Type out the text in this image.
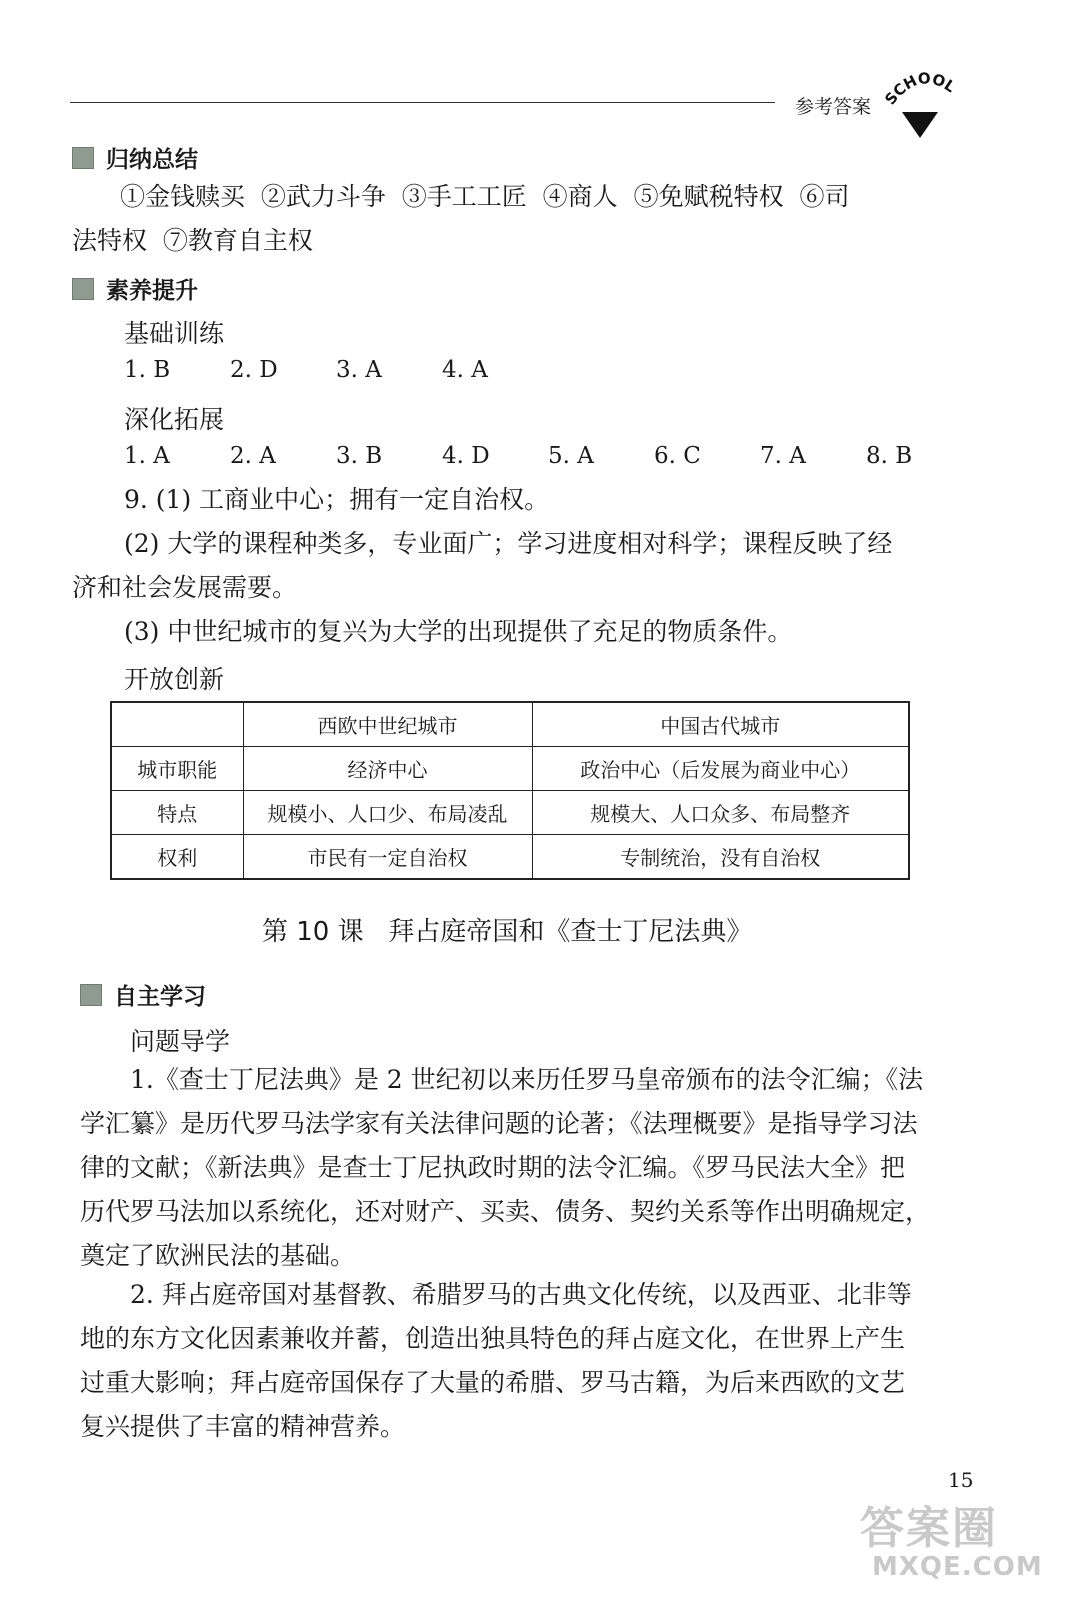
参考答案 SCHOOL
归纳总结
①金钱赎买  ②武力斗争  ③手工工匠  ④商人  ⑤免赋税特权  ⑥司
法特权  ⑦教育自主权
素养提升
基础训练
1. B	2. D	3. A	4. A
深化拓展
1. A	2. A	3. B	4. D	5. A	6. C	7. A	8. B
9. (1) 工商业中心；拥有一定自治权。
(2) 大学的课程种类多，专业面广；学习进度相对科学；课程反映了经
济和社会发展需要。
(3) 中世纪城市的复兴为大学的出现提供了充足的物质条件。
开放创新
	西欧中世纪城市	中国古代城市
城市职能	经济中心	政治中心（后发展为商业中心）
特点	规模小、人口少、布局凌乱	规模大、人口众多、布局整齐
权利	市民有一定自治权	专制统治，没有自治权
第 10 课   拜占庭帝国和《查士丁尼法典》
自主学习
问题导学
1.《查士丁尼法典》是 2 世纪初以来历任罗马皇帝颁布的法令汇编；《法
学汇纂》是历代罗马法学家有关法律问题的论著；《法理概要》是指导学习法
律的文献；《新法典》是查士丁尼执政时期的法令汇编。《罗马民法大全》把
历代罗马法加以系统化，还对财产、买卖、债务、契约关系等作出明确规定，
奠定了欧洲民法的基础。
2. 拜占庭帝国对基督教、希腊罗马的古典文化传统，以及西亚、北非等
地的东方文化因素兼收并蓄，创造出独具特色的拜占庭文化，在世界上产生
过重大影响；拜占庭帝国保存了大量的希腊、罗马古籍，为后来西欧的文艺
复兴提供了丰富的精神营养。
15
答案圈
MXQE.COM
